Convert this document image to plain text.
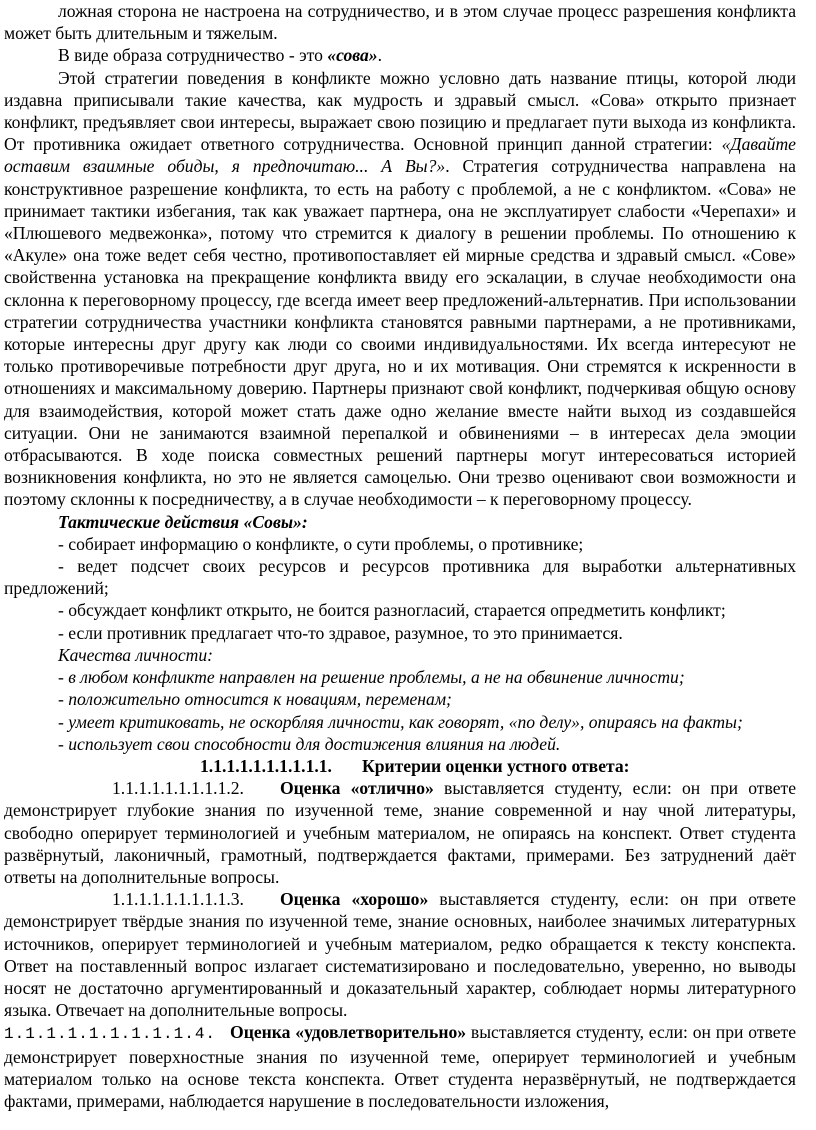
ложная сторона не настроена на сотрудничество, и в этом случае процесс разрешения конфликта может быть длительным и тяжелым.

В виде образа сотрудничество - это «сова».

Этой стратегии поведения в конфликте можно условно дать название птицы, которой люди издавна приписывали такие качества, как мудрость и здравый смысл. «Сова» открыто признает конфликт, предъявляет свои интересы, выражает свою позицию и предлагает пути выхода из конфликта. От противника ожидает ответного сотрудничества. Основной принцип данной стратегии: «Давайте оставим взаимные обиды, я предпочитаю... А Вы?». Стратегия сотрудничества направлена на конструктивное разрешение конфликта, то есть на работу с проблемой, а не с конфликтом. «Сова» не принимает тактики избегания, так как уважает партнера, она не эксплуатирует слабости «Черепахи» и «Плюшевого медвежонка», потому что стремится к диалогу в решении проблемы. По отношению к «Акуле» она тоже ведет себя честно, противопоставляет ей мирные средства и здравый смысл. «Сове» свойственна установка на прекращение конфликта ввиду его эскалации, в случае необходимости она склонна к переговорному процессу, где всегда имеет веер предложений-альтернатив. При использовании стратегии сотрудничества участники конфликта становятся равными партнерами, а не противниками, которые интересны друг другу как люди со своими индивидуальностями. Их всегда интересуют не только противоречивые потребности друг друга, но и их мотивация. Они стремятся к искренности в отношениях и максимальному доверию. Партнеры признают свой конфликт, подчеркивая общую основу для взаимодействия, которой может стать даже одно желание вместе найти выход из создавшейся ситуации. Они не занимаются взаимной перепалкой и обвинениями – в интересах дела эмоции отбрасываются. В ходе поиска совместных решений партнеры могут интересоваться историей возникновения конфликта, но это не является самоцелью. Они трезво оценивают свои возможности и поэтому склонны к посредничеству, а в случае необходимости – к переговорному процессу.

Тактические действия «Совы»:

- собирает информацию о конфликте, о сути проблемы, о противнике;

- ведет подсчет своих ресурсов и ресурсов противника для выработки альтернативных предложений;

- обсуждает конфликт открыто, не боится разногласий, старается опредметить конфликт;

- если противник предлагает что-то здравое, разумное, то это принимается.

Качества личности:

- в любом конфликте направлен на решение проблемы, а не на обвинение личности;

- положительно относится к новациям, переменам;

- умеет критиковать, не оскорбляя личности, как говорят, «по делу», опираясь на факты;

- использует свои способности для достижения влияния на людей.

1.1.1.1.1.1.1.1.1.1. Критерии оценки устного ответа:

1.1.1.1.1.1.1.1.1.2. Оценка «отлично» выставляется студенту, если: он при ответе демонстрирует глубокие знания по изученной теме, знание современной и нау чной литературы, свободно оперирует терминологией и учебным материалом, не опираясь на конспект. Ответ студента развёрнутый, лаконичный, грамотный, подтверждается фактами, примерами. Без затруднений даёт ответы на дополнительные вопросы.

1.1.1.1.1.1.1.1.1.3. Оценка «хорошо» выставляется студенту, если: он при ответе демонстрирует твёрдые знания по изученной теме, знание основных, наиболее значимых литературных источников, оперирует терминологией и учебным материалом, редко обращается к тексту конспекта. Ответ на поставленный вопрос излагает систематизировано и последовательно, уверенно, но выводы носят не достаточно аргументированный и доказательный характер, соблюдает нормы литературного языка. Отвечает на дополнительные вопросы.

1.1.1.1.1.1.1.1.1.4. Оценка «удовлетворительно» выставляется студенту, если: он при ответе демонстрирует поверхностные знания по изученной теме, оперирует терминологией и учебным материалом только на основе текста конспекта. Ответ студента неразвёрнутый, не подтверждается фактами, примерами, наблюдается нарушение в последовательности изложения,
